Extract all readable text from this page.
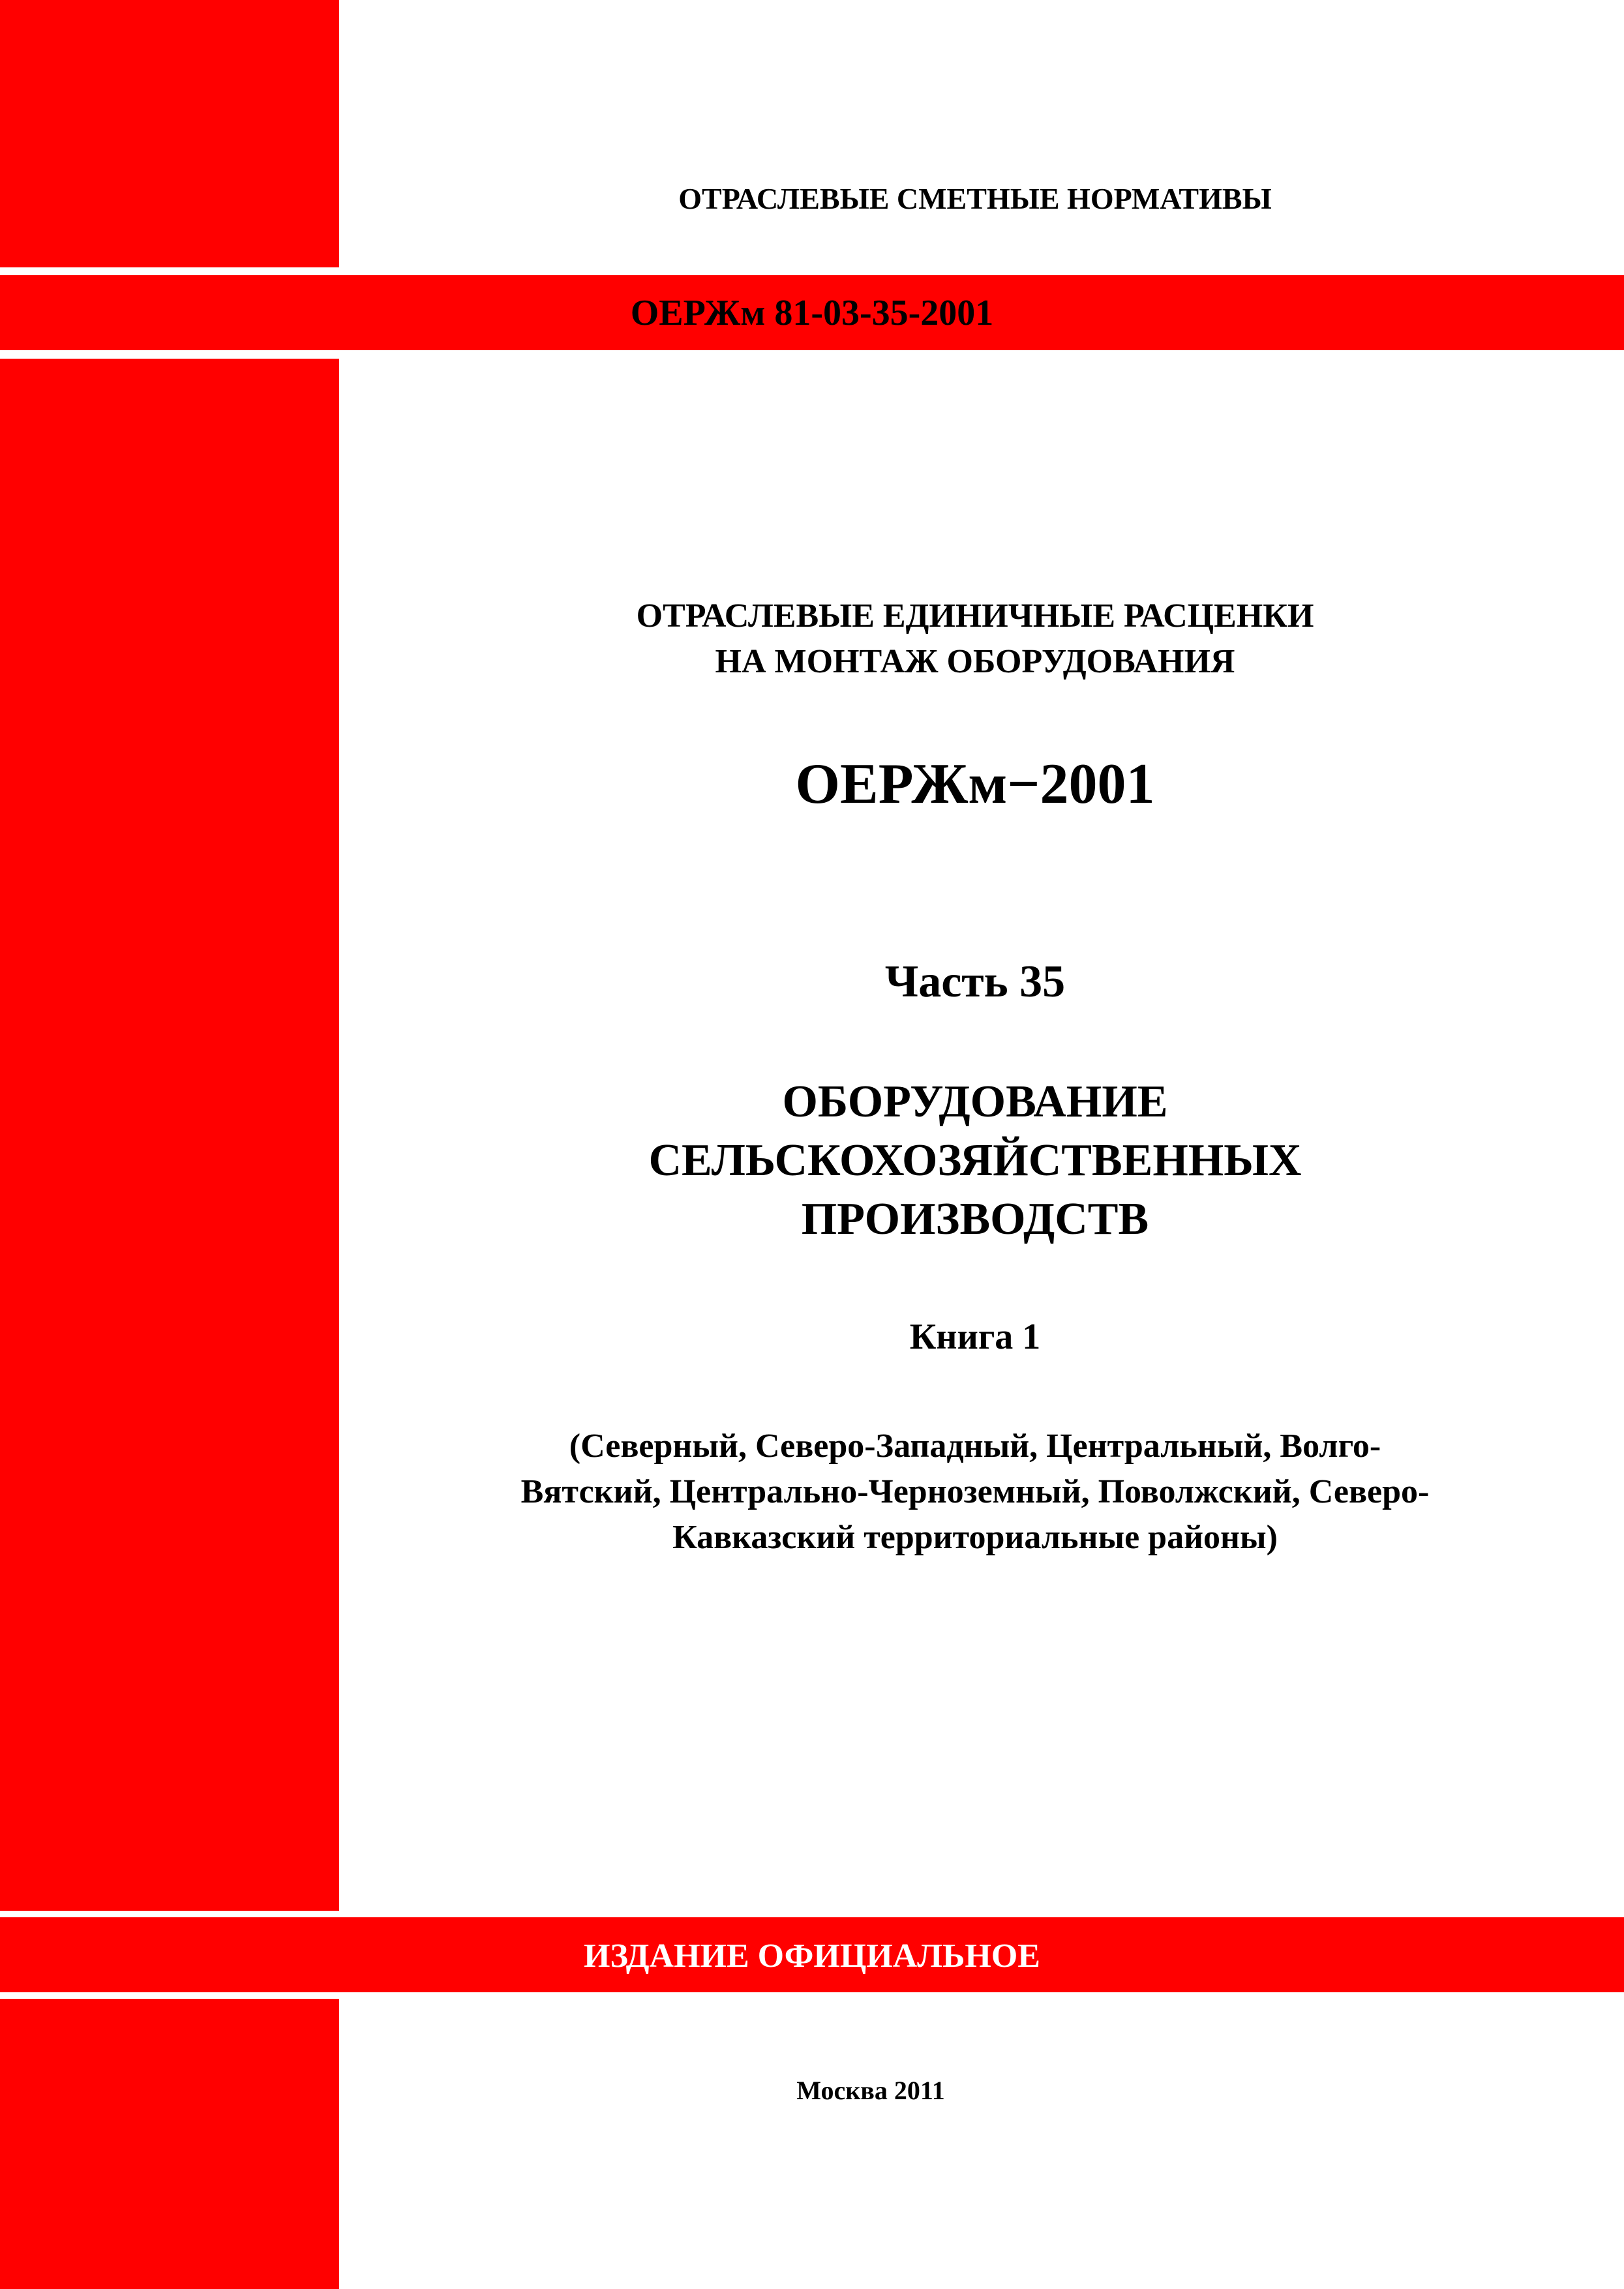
ОТРАСЛЕВЫЕ СМЕТНЫЕ НОРМАТИВЫ
ОЕРЖм 81-03-35-2001
ОТРАСЛЕВЫЕ ЕДИНИЧНЫЕ РАСЦЕНКИ
НА МОНТАЖ ОБОРУДОВАНИЯ
ОЕРЖм−2001
Часть 35
ОБОРУДОВАНИЕ
СЕЛЬСКОХОЗЯЙСТВЕННЫХ
ПРОИЗВОДСТВ
Книга 1
(Северный, Северо-Западный, Центральный, Волго-
Вятский, Центрально-Черноземный, Поволжский, Северо-
Кавказский территориальные районы)
ИЗДАНИЕ ОФИЦИАЛЬНОЕ
Москва 2011
